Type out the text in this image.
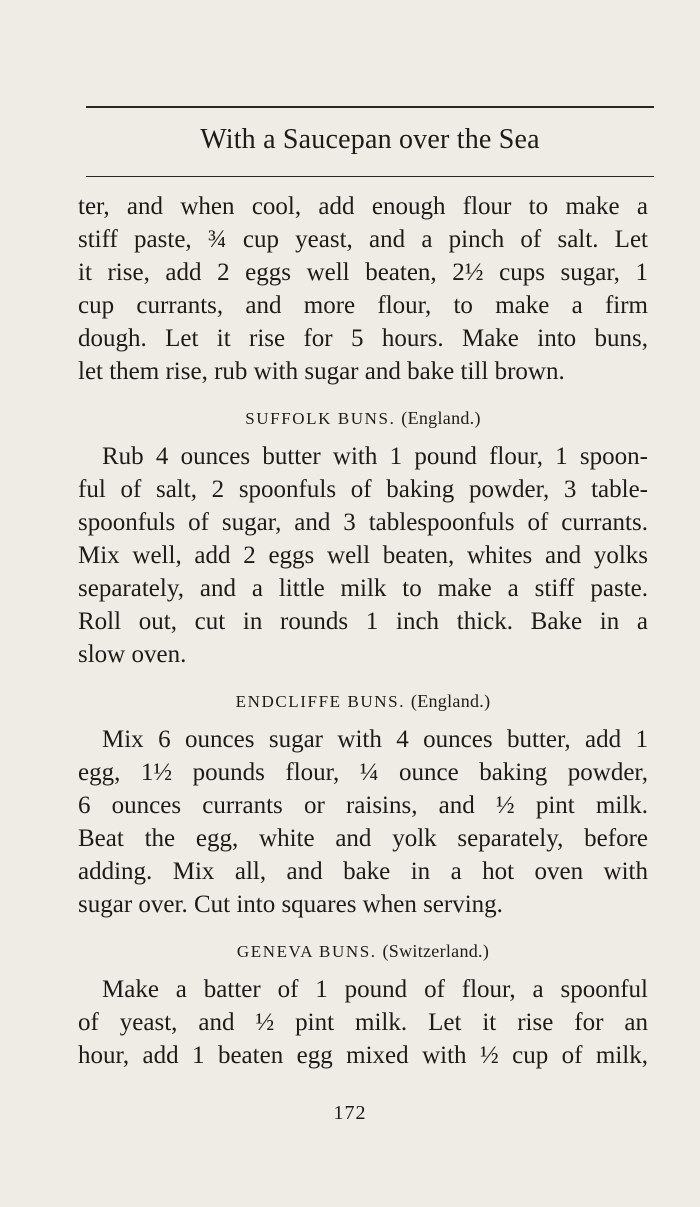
With a Saucepan over the Sea
ter, and when cool, add enough flour to make a
stiff paste, ¾ cup yeast, and a pinch of salt. Let
it rise, add 2 eggs well beaten, 2½ cups sugar, 1
cup currants, and more flour, to make a firm
dough. Let it rise for 5 hours. Make into buns,
let them rise, rub with sugar and bake till brown.
SUFFOLK BUNS. (England.)
Rub 4 ounces butter with 1 pound flour, 1 spoon-
ful of salt, 2 spoonfuls of baking powder, 3 table-
spoonfuls of sugar, and 3 tablespoonfuls of currants.
Mix well, add 2 eggs well beaten, whites and yolks
separately, and a little milk to make a stiff paste.
Roll out, cut in rounds 1 inch thick. Bake in a
slow oven.
ENDCLIFFE BUNS. (England.)
Mix 6 ounces sugar with 4 ounces butter, add 1
egg, 1½ pounds flour, ¼ ounce baking powder,
6 ounces currants or raisins, and ½ pint milk.
Beat the egg, white and yolk separately, before
adding. Mix all, and bake in a hot oven with
sugar over. Cut into squares when serving.
GENEVA BUNS. (Switzerland.)
Make a batter of 1 pound of flour, a spoonful
of yeast, and ½ pint milk. Let it rise for an
hour, add 1 beaten egg mixed with ½ cup of milk,
172
